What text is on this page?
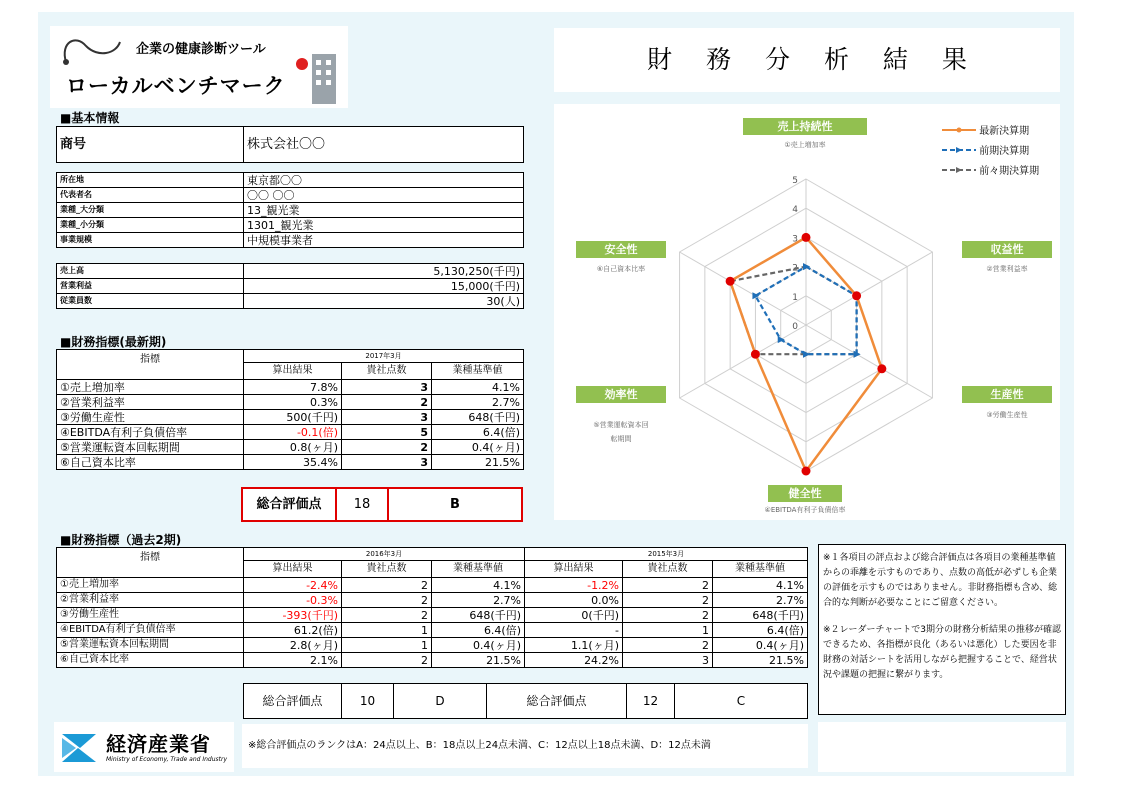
企業の健康診断ツール
ローカルベンチマーク
財 務 分 析 結 果
■基本情報
商号	株式会社〇〇
所在地	東京都〇〇
代表者名	〇〇 〇〇
業種_大分類	13_観光業
業種_小分類	1301_観光業
事業規模	中規模事業者
売上高	5,130,250(千円)
営業利益	15,000(千円)
従業員数	30(人)
■財務指標(最新期)
指標	2017年3月		
	算出結果	貴社点数	業種基準値
①売上増加率	7.8%	3	4.1%
②営業利益率	0.3%	2	2.7%
③労働生産性	500(千円)	3	648(千円)
④EBITDA有利子負債倍率	-0.1(倍)	5	6.4(倍)
⑤営業運転資本回転期間	0.8(ヶ月)	2	0.4(ヶ月)
⑥自己資本比率	35.4%	3	21.5%
総合評価点	18	B
0
1
2
3
4
5
売上持続性
①売上増加率
収益性
②営業利益率
生産性
③労働生産性
健全性
④EBITDA有利子負債倍率
効率性
⑤営業運転資本回転期間
安全性
⑥自己資本比率
最新決算期
前期決算期
前々期決算期
■財務指標（過去2期)
指標	2016年3月			2015年3月		
	算出結果	貴社点数	業種基準値	算出結果	貴社点数	業種基準値
①売上増加率	-2.4%	2	4.1%	-1.2%	2	4.1%
②営業利益率	-0.3%	2	2.7%	0.0%	2	2.7%
③労働生産性	-393(千円)	2	648(千円)	0(千円)	2	648(千円)
④EBITDA有利子負債倍率	61.2(倍)	1	6.4(倍)	-	1	6.4(倍)
⑤営業運転資本回転期間	2.8(ヶ月)	1	0.4(ヶ月)	1.1(ヶ月)	2	0.4(ヶ月)
⑥自己資本比率	2.1%	2	21.5%	24.2%	3	21.5%
総合評価点	10	D	総合評価点	12	C
※１各項目の評点および総合評価点は各項目の業種基準値からの乖離を示すものであり、点数の高低が必ずしも企業の評価を示すものではありません。非財務指標も含め、総合的な判断が必要なことにご留意ください。
※２レーダーチャートで3期分の財務分析結果の推移が確認できるため、各指標が良化（あるいは悪化）した要因を非財務の対話シートを活用しながら把握することで、経営状況や課題の把握に繋がります。
経済産業省
Ministry of Economy, Trade and Industry
※総合評価点のランクはA：24点以上、B：18点以上24点未満、C：12点以上18点未満、D：12点未満
